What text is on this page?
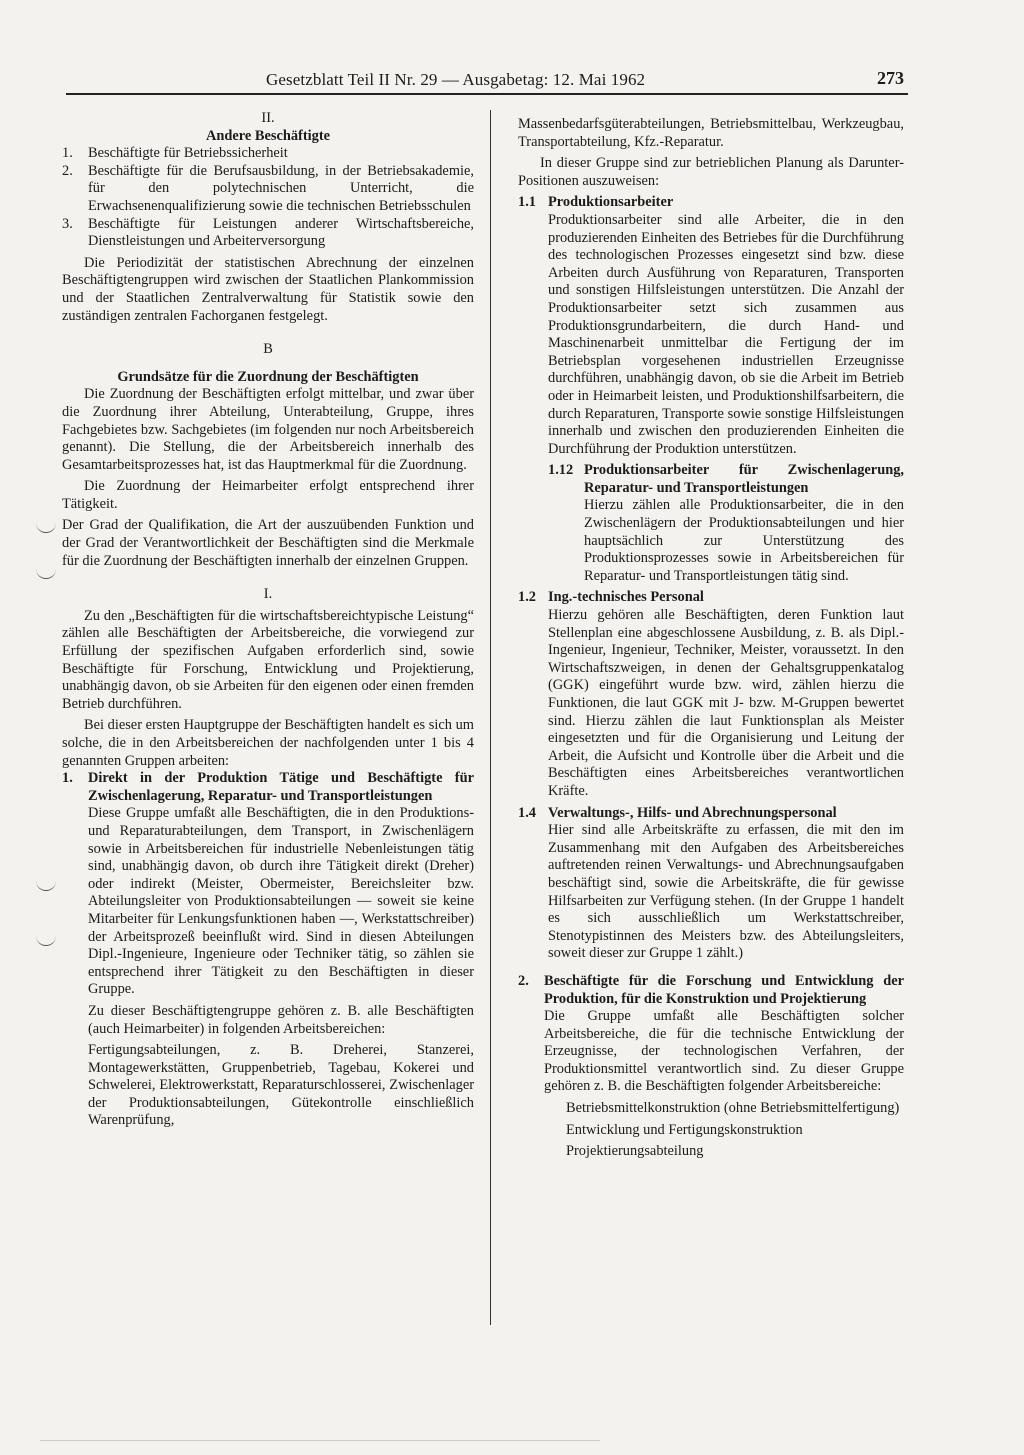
Gesetzblatt Teil II Nr. 29 — Ausgabetag: 12. Mai 1962	273

II.

Andere Beschäftigte

1. Beschäftigte für Betriebssicherheit

2. Beschäftigte für die Berufsausbildung, in der Betriebsakademie, für den polytechnischen Unterricht, die Erwachsenenqualifizierung sowie die technischen Betriebsschulen

3. Beschäftigte für Leistungen anderer Wirtschaftsbereiche, Dienstleistungen und Arbeiterversorgung

Die Periodizität der statistischen Abrechnung der einzelnen Beschäftigtengruppen wird zwischen der Staatlichen Plankommission und der Staatlichen Zentralverwaltung für Statistik sowie den zuständigen zentralen Fachorganen festgelegt.

B

Grundsätze für die Zuordnung der Beschäftigten

Die Zuordnung der Beschäftigten erfolgt mittelbar, und zwar über die Zuordnung ihrer Abteilung, Unterabteilung, Gruppe, ihres Fachgebietes bzw. Sachgebietes (im folgenden nur noch Arbeitsbereich genannt). Die Stellung, die der Arbeitsbereich innerhalb des Gesamtarbeitsprozesses hat, ist das Hauptmerkmal für die Zuordnung.

Die Zuordnung der Heimarbeiter erfolgt entsprechend ihrer Tätigkeit.

Der Grad der Qualifikation, die Art der auszuübenden Funktion und der Grad der Verantwortlichkeit der Beschäftigten sind die Merkmale für die Zuordnung der Beschäftigten innerhalb der einzelnen Gruppen.

I.

Zu den „Beschäftigten für die wirtschaftsbereichtypische Leistung“ zählen alle Beschäftigten der Arbeitsbereiche, die vorwiegend zur Erfüllung der spezifischen Aufgaben erforderlich sind, sowie Beschäftigte für Forschung, Entwicklung und Projektierung, unabhängig davon, ob sie Arbeiten für den eigenen oder einen fremden Betrieb durchführen.

Bei dieser ersten Hauptgruppe der Beschäftigten handelt es sich um solche, die in den Arbeitsbereichen der nachfolgenden unter 1 bis 4 genannten Gruppen arbeiten:

1. Direkt in der Produktion Tätige und Beschäftigte für Zwischenlagerung, Reparatur- und Transportleistungen

Diese Gruppe umfaßt alle Beschäftigten, die in den Produktions- und Reparaturabteilungen, dem Transport, in Zwischenlägern sowie in Arbeitsbereichen für industrielle Nebenleistungen tätig sind, unabhängig davon, ob durch ihre Tätigkeit direkt (Dreher) oder indirekt (Meister, Obermeister, Bereichsleiter bzw. Abteilungsleiter von Produktionsabteilungen — soweit sie keine Mitarbeiter für Lenkungsfunktionen haben —, Werkstattschreiber) der Arbeitsprozeß beeinflußt wird. Sind in diesen Abteilungen Dipl.-Ingenieure, Ingenieure oder Techniker tätig, so zählen sie entsprechend ihrer Tätigkeit zu den Beschäftigten in dieser Gruppe.

Zu dieser Beschäftigtengruppe gehören z. B. alle Beschäftigten (auch Heimarbeiter) in folgenden Arbeitsbereichen:

Fertigungsabteilungen, z. B. Dreherei, Stanzerei, Montagewerkstätten, Gruppenbetrieb, Tagebau, Kokerei und Schwelerei, Elektrowerkstatt, Reparaturschlosserei, Zwischenlager der Produktionsabteilungen, Gütekontrolle einschließlich Warenprüfung,

Massenbedarfsgüterabteilungen, Betriebsmittelbau, Werkzeugbau, Transportabteilung, Kfz.-Reparatur.

In dieser Gruppe sind zur betrieblichen Planung als Darunter-Positionen auszuweisen:

1.1 Produktionsarbeiter

Produktionsarbeiter sind alle Arbeiter, die in den produzierenden Einheiten des Betriebes für die Durchführung des technologischen Prozesses eingesetzt sind bzw. diese Arbeiten durch Ausführung von Reparaturen, Transporten und sonstigen Hilfsleistungen unterstützen. Die Anzahl der Produktionsarbeiter setzt sich zusammen aus Produktionsgrundarbeitern, die durch Hand- und Maschinenarbeit unmittelbar die Fertigung der im Betriebsplan vorgesehenen industriellen Erzeugnisse durchführen, unabhängig davon, ob sie die Arbeit im Betrieb oder in Heimarbeit leisten, und Produktionshilfsarbeitern, die durch Reparaturen, Transporte sowie sonstige Hilfsleistungen innerhalb und zwischen den produzierenden Einheiten die Durchführung der Produktion unterstützen.

1.12 Produktionsarbeiter für Zwischenlagerung, Reparatur- und Transportleistungen

Hierzu zählen alle Produktionsarbeiter, die in den Zwischenlägern der Produktionsabteilungen und hier hauptsächlich zur Unterstützung des Produktionsprozesses sowie in Arbeitsbereichen für Reparatur- und Transportleistungen tätig sind.

1.2 Ing.-technisches Personal

Hierzu gehören alle Beschäftigten, deren Funktion laut Stellenplan eine abgeschlossene Ausbildung, z. B. als Dipl.-Ingenieur, Ingenieur, Techniker, Meister, voraussetzt. In den Wirtschaftszweigen, in denen der Gehaltsgruppenkatalog (GGK) eingeführt wurde bzw. wird, zählen hierzu die Funktionen, die laut GGK mit J- bzw. M-Gruppen bewertet sind. Hierzu zählen die laut Funktionsplan als Meister eingesetzten und für die Organisierung und Leitung der Arbeit, die Aufsicht und Kontrolle über die Arbeit und die Beschäftigten eines Arbeitsbereiches verantwortlichen Kräfte.

1.4 Verwaltungs-, Hilfs- und Abrechnungspersonal

Hier sind alle Arbeitskräfte zu erfassen, die mit den im Zusammenhang mit den Aufgaben des Arbeitsbereiches auftretenden reinen Verwaltungs- und Abrechnungsaufgaben beschäftigt sind, sowie die Arbeitskräfte, die für gewisse Hilfsarbeiten zur Verfügung stehen. (In der Gruppe 1 handelt es sich ausschließlich um Werkstattschreiber, Stenotypistinnen des Meisters bzw. des Abteilungsleiters, soweit dieser zur Gruppe 1 zählt.)

2. Beschäftigte für die Forschung und Entwicklung der Produktion, für die Konstruktion und Projektierung

Die Gruppe umfaßt alle Beschäftigten solcher Arbeitsbereiche, die für die technische Entwicklung der Erzeugnisse, der technologischen Verfahren, der Produktionsmittel verantwortlich sind. Zu dieser Gruppe gehören z. B. die Beschäftigten folgender Arbeitsbereiche:

Betriebsmittelkonstruktion (ohne Betriebsmittelfertigung)

Entwicklung und Fertigungskonstruktion

Projektierungsabteilung
